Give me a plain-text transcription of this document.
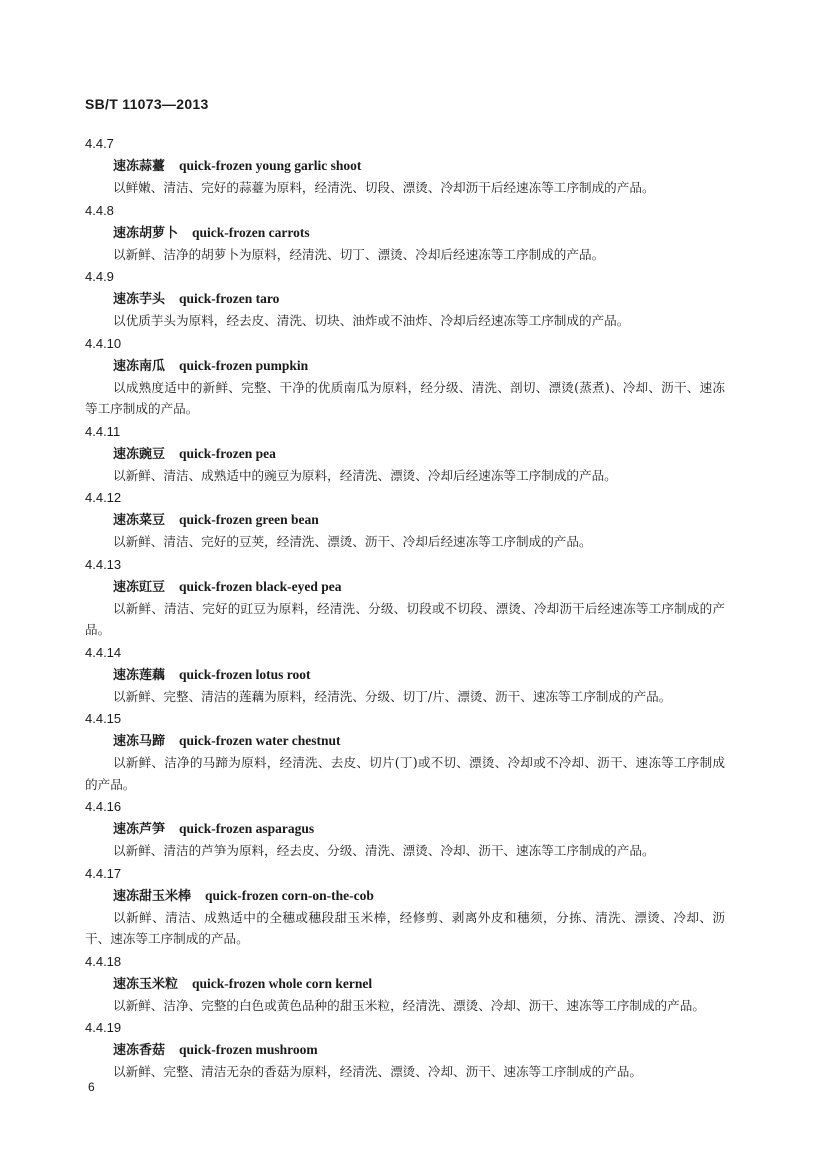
SB/T 11073—2013
4.4.7
速冻蒜薹 quick-frozen young garlic shoot
以鲜嫩、清洁、完好的蒜薹为原料，经清洗、切段、漂烫、冷却沥干后经速冻等工序制成的产品。
4.4.8
速冻胡萝卜 quick-frozen carrots
以新鲜、洁净的胡萝卜为原料，经清洗、切丁、漂烫、冷却后经速冻等工序制成的产品。
4.4.9
速冻芋头 quick-frozen taro
以优质芋头为原料，经去皮、清洗、切块、油炸或不油炸、冷却后经速冻等工序制成的产品。
4.4.10
速冻南瓜 quick-frozen pumpkin
以成熟度适中的新鲜、完整、干净的优质南瓜为原料，经分级、清洗、剖切、漂烫(蒸煮)、冷却、沥干、速冻等工序制成的产品。
4.4.11
速冻豌豆 quick-frozen pea
以新鲜、清洁、成熟适中的豌豆为原料，经清洗、漂烫、冷却后经速冻等工序制成的产品。
4.4.12
速冻菜豆 quick-frozen green bean
以新鲜、清洁、完好的豆荚，经清洗、漂烫、沥干、冷却后经速冻等工序制成的产品。
4.4.13
速冻豇豆 quick-frozen black-eyed pea
以新鲜、清洁、完好的豇豆为原料，经清洗、分级、切段或不切段、漂烫、冷却沥干后经速冻等工序制成的产品。
4.4.14
速冻莲藕 quick-frozen lotus root
以新鲜、完整、清洁的莲藕为原料，经清洗、分级、切丁/片、漂烫、沥干、速冻等工序制成的产品。
4.4.15
速冻马蹄 quick-frozen water chestnut
以新鲜、洁净的马蹄为原料，经清洗、去皮、切片(丁)或不切、漂烫、冷却或不冷却、沥干、速冻等工序制成的产品。
4.4.16
速冻芦笋 quick-frozen asparagus
以新鲜、清洁的芦笋为原料，经去皮、分级、清洗、漂烫、冷却、沥干、速冻等工序制成的产品。
4.4.17
速冻甜玉米棒 quick-frozen corn-on-the-cob
以新鲜、清洁、成熟适中的全穗或穗段甜玉米棒，经修剪、剥离外皮和穗须，分拣、清洗、漂烫、冷却、沥干、速冻等工序制成的产品。
4.4.18
速冻玉米粒 quick-frozen whole corn kernel
以新鲜、洁净、完整的白色或黄色品种的甜玉米粒，经清洗、漂烫、冷却、沥干、速冻等工序制成的产品。
4.4.19
速冻香菇 quick-frozen mushroom
以新鲜、完整、清洁无杂的香菇为原料，经清洗、漂烫、冷却、沥干、速冻等工序制成的产品。
6
